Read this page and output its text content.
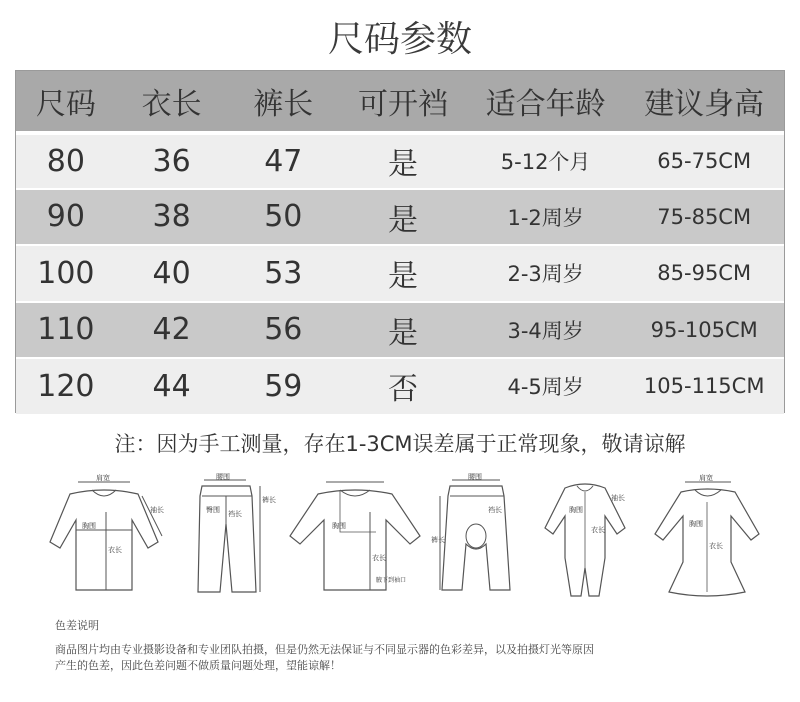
尺码参数
尺码	衣长	裤长	可开裆	适合年龄	建议身高
80	36	47	是	5-12个月	65-75CM
90	38	50	是	1-2周岁	75-85CM
100	40	53	是	2-3周岁	85-95CM
110	42	56	是	3-4周岁	95-105CM
120	44	59	否	4-5周岁	105-115CM
注：因为手工测量，存在1-3CM误差属于正常现象，敬请谅解
肩宽
袖长
胸围
衣长
腰围
裤长
臀围 裆长
胸围
衣长
腋下到袖口
腰围
裤长
裆长	胸围
衣长
袖长
肩宽
胸围
衣长
色差说明
商品图片均由专业摄影设备和专业团队拍摄，但是仍然无法保证与不同显示器的色彩差异，以及拍摄灯光等原因
产生的色差，因此色差问题不做质量问题处理，望能谅解！
